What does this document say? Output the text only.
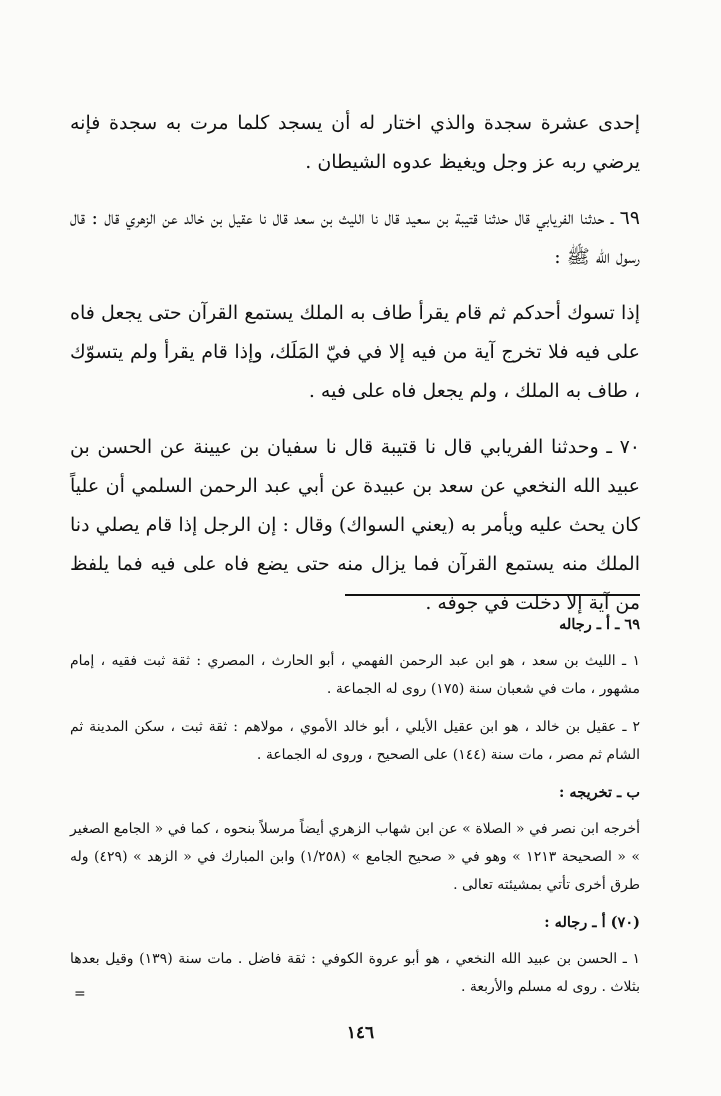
إحدى عشرة سجدة والذي اختار له أن يسجد كلما مرت به سجدة فإنه يرضي ربه عز وجل ويغيظ عدوه الشيطان .

٦٩ ـ حدثنا الفريابي قال حدثنا قتيبة بن سعيد قال نا الليث بن سعد قال نا عقيل بن خالد عن الزهري قال : قال رسول الله ﷺ :

إذا تسوك أحدكم ثم قام يقرأ طاف به الملك يستمع القرآن حتى يجعل فاه على فيه فلا تخرج آية من فيه إلا في فيّ المَلَك، وإذا قام يقرأ ولم يتسوّك ، طاف به الملك ، ولم يجعل فاه على فيه .

٧٠ ـ وحدثنا الفريابي قال نا قتيبة قال نا سفيان بن عيينة عن الحسن بن عبيد الله النخعي عن سعد بن عبيدة عن أبي عبد الرحمن السلمي أن علياً كان يحث عليه ويأمر به (يعني السواك) وقال : إن الرجل إذا قام يصلي دنا الملك منه يستمع القرآن فما يزال منه حتى يضع فاه على فيه فما يلفظ من آية إلا دخلت في جوفه .

٦٩ ـ أ ـ رجاله

١ ـ الليث بن سعد ، هو ابن عبد الرحمن الفهمي ، أبو الحارث ، المصري : ثقة ثبت فقيه ، إمام مشهور ، مات في شعبان سنة (١٧٥) روى له الجماعة .

٢ ـ عقيل بن خالد ، هو ابن عقيل الأيلي ، أبو خالد الأموي ، مولاهم : ثقة ثبت ، سكن المدينة ثم الشام ثم مصر ، مات سنة (١٤٤) على الصحيح ، وروى له الجماعة .

ب ـ تخريجه :

أخرجه ابن نصر في « الصلاة » عن ابن شهاب الزهري أيضاً مرسلاً بنحوه ، كما في « الجامع الصغير » « الصحيحة ١٢١٣ » وهو في « صحيح الجامع » (١/٢٥٨) وابن المبارك في « الزهد » (٤٢٩) وله طرق أخرى تأتي بمشيئته تعالى .

(٧٠) أ ـ رجاله :

١ ـ الحسن بن عبيد الله النخعي ، هو أبو عروة الكوفي : ثقة فاضل . مات سنة (١٣٩) وقيل بعدها بثلاث . روى له مسلم والأربعة .

=
١٤٦
